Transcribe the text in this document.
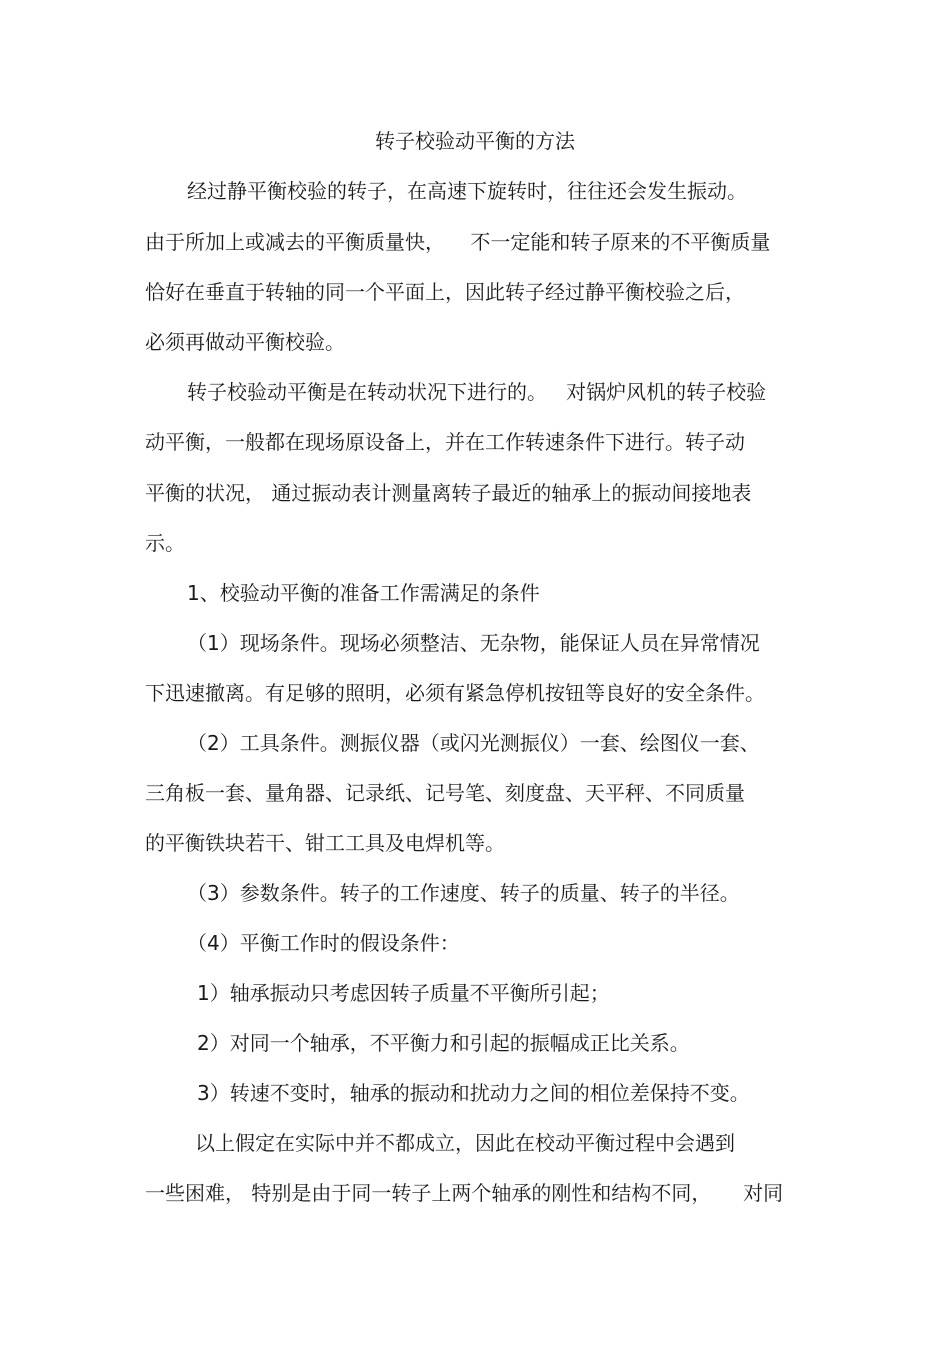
转子校验动平衡的方法

经过静平衡校验的转子，在高速下旋转时，往往还会发生振动。

由于所加上或减去的平衡质量快，    不一定能和转子原来的不平衡质量

恰好在垂直于转轴的同一个平面上，因此转子经过静平衡校验之后，

必须再做动平衡校验。

转子校验动平衡是在转动状况下进行的。   对锅炉风机的转子校验

动平衡，一般都在现场原设备上，并在工作转速条件下进行。转子动

平衡的状况， 通过振动表计测量离转子最近的轴承上的振动间接地表

示。

1、校验动平衡的准备工作需满足的条件

（1）现场条件。现场必须整洁、无杂物，能保证人员在异常情况

下迅速撤离。有足够的照明，必须有紧急停机按钮等良好的安全条件。

（2）工具条件。测振仪器（或闪光测振仪）一套、绘图仪一套、

三角板一套、量角器、记录纸、记号笔、刻度盘、天平秤、不同质量

的平衡铁块若干、钳工工具及电焊机等。

（3）参数条件。转子的工作速度、转子的质量、转子的半径。

（4）平衡工作时的假设条件：

1）轴承振动只考虑因转子质量不平衡所引起；

2）对同一个轴承，不平衡力和引起的振幅成正比关系。

3）转速不变时，轴承的振动和扰动力之间的相位差保持不变。

以上假定在实际中并不都成立，因此在校动平衡过程中会遇到

一些困难， 特别是由于同一转子上两个轴承的刚性和结构不同，     对同
